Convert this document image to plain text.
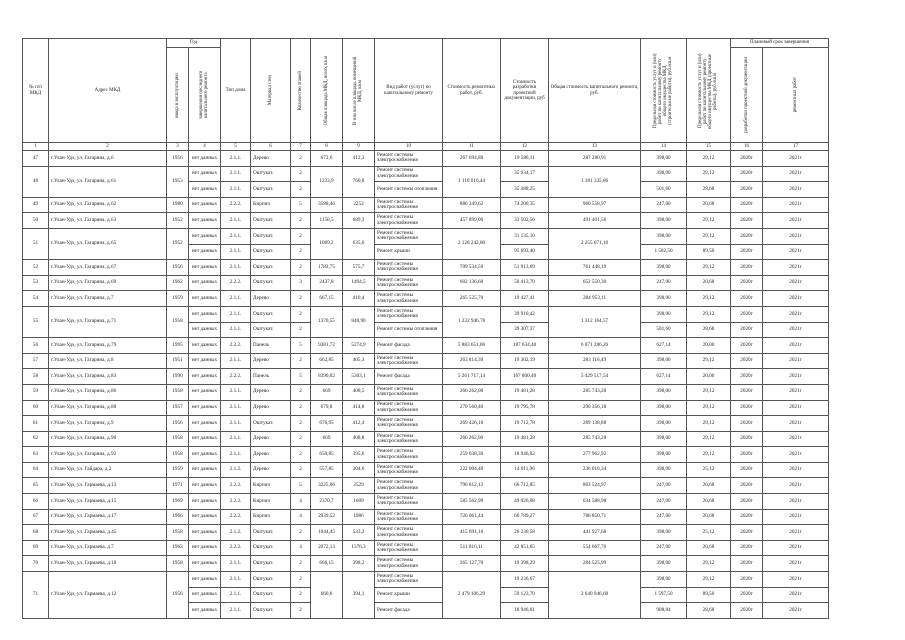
№ п/п МКД	Адрес МКД	Год		Тип дома	Материал стен	Количество этажей	Общая площадь МКД, всего, кв.м	В том числе площадь помещений МКД, кв.м	Вид работ (услуг) по капитальному ремонту	Стоимость ремонтных работ, руб.	Стоимость разработки проектной документации, руб	Общая стоимость капитального ремонта, руб.	Предельная стоимость услуг и (или) работ по капитальному ремонту общего имущества МКД (строительные работы), руб./кв.м	Предельная стоимость услуг и (или) работ по капитальному ремонту общего имущества МКД (проектные работы), руб./кв.м	Плановый срок завершения	

		ввода в эксплуатацию	завершения последнего капитального ремонта												разработки проектной документации	ремонтных работ

1	2	3	4	5	6	7	8	9	10	11	12	13	14	15	16	17
47	г.Улан-Удэ, ул. Гагарина, д.6	1956	нет данных	2.1.1.	Дерево	2	672,6	412,3	Ремонт системы электроснабжения	267 694,80	19 586,11	287 280,91	398,00	29,12	2020г	2021г
48	г.Улан-Удэ, ул. Гагарина, д.61	1953	нет данных	2.1.1.	Оштукат.	2	1233,9	760,8	Ремонт системы электроснабжения	1 110 016,44	35 934,17	1 181 335,86	398,00	29,12	2020г	2021г
			нет данных	2.1.1.	Оштукат.	2			Ремонт системы отопления		35 388,25		501,60	28,68	2020г	2021г
49	г.Улан-Удэ, ул. Гагарина, д.62	1980	нет данных	2.2.2.	Кирпич	5	3588,46	2252	Ремонт системы электроснабжения	886 349,62	74 200,35	960 558,97	247,00	20,68	2020г	2021г
50	г.Улан-Удэ, ул. Гагарина, д.63	1952	нет данных	2.1.1.	Оштукат.	2	1150,5	689,3	Ремонт системы электроснабжения	457 899,00	33 502,56	491 401,56	398,00	29,12	2020г	2021г
51	г.Улан-Удэ, ул. Гагарина, д.65	1952	нет данных	2.1.1.	Оштукат.	2	1069,2	635,6	Ремонт системы электроснабжения	2 128 242,80	31 135,10	2 255 071,10	398,00	29,12	2020г	2021г
			нет данных	2.1.1.	Оштукат.	2			Ремонт крыши		95 693,40		1 502,50	89,50	2020г	2021г
52	г.Улан-Удэ, ул. Гагарина, д.67	1956	нет данных	2.1.1.	Оштукат.	2	1782,75	575,7	Ремонт системы электроснабжения	709 534,50	51 913,69	761 448,19	398,00	29,12	2020г	2021г
53	г.Улан-Удэ, ул. Гагарина, д.69	1962	нет данных	2.2.2.	Оштукат.	3	2437,8	1494,5	Ремонт системы электроснабжения	602 136,60	50 413,70	652 550,30	247,00	20,68	2020г	2021г
54	г.Улан-Удэ, ул. Гагарина, д.7	1959	нет данных	2.1.1.	Дерево	2	667,15	410,4	Ремонт системы электроснабжения	265 525,70	19 427,41	284 953,11	398,00	29,12	2020г	2021г
55	г.Улан-Удэ, ул. Гагарина, д.71	1958	нет данных	2.1.1.	Оштукат.	2	1370,55	840,90	Ремонт системы электроснабжения	1 232 946,78	39 910,42	1 312 164,57	398,00	29,12	2020г	2021г
			нет данных	2.1.1.	Оштукат.	2			Ремонт системы отопления		39 307,37		501,60	28,68	2020г	2021г
56	г.Улан-Удэ, ул. Гагарина, д.79	1995	нет данных	2.2.2.	Панель	5	9381,72	5274,9	Ремонт фасада	5 883 651,86	187 634,40	6 071 286,26	627,14	20,00	2020г	2021г
57	г.Улан-Удэ, ул. Гагарина, д.8	1951	нет данных	2.1.1.	Дерево	2	662,85	405,3	Ремонт системы электроснабжения	263 814,30	19 302,19	283 116,49	398,00	29,12	2020г	2021г
58	г.Улан-Удэ, ул. Гагарина, д.83	1990	нет данных	2.2.2.	Панель	5	8390,02	5303,1	Ремонт фасада	5 261 717,14	167 800,40	5 429 517,54	627,14	20,00	2020г	2021г
59	г.Улан-Удэ, ул. Гагарина, д.86	1958	нет данных	2.1.1.	Дерево	2	669	408,5	Ремонт системы электроснабжения	266 262,00	19 481,28	285 743,28	398,00	29,12	2020г	2021г
60	г.Улан-Удэ, ул. Гагарина, д.88	1957	нет данных	2.1.1.	Дерево	2	679,8	414,8	Ремонт системы электроснабжения	270 560,40	19 795,78	290 356,18	398,00	29,12	2020г	2021г
61	г.Улан-Удэ, ул. Гагарина, д.9	1956	нет данных	2.1.1.	Оштукат.	2	676,95	412,4	Ремонт системы электроснабжения	269 426,10	19 712,78	289 138,88	398,00	29,12	2020г	2021г
62	г.Улан-Удэ, ул. Гагарина, д.90	1958	нет данных	2.1.1.	Дерево	2	669	408,8	Ремонт системы электроснабжения	266 262,00	19 481,28	285 743,28	398,00	29,12	2020г	2021г
63	г.Улан-Удэ, ул. Гагарина, д.92	1958	нет данных	2.1.1.	Дерево	2	650,85	395,6	Ремонт системы электроснабжения	259 038,30	18 946,02	277 962,92	398,00	29,12	2020г	2021г
64	г.Улан-Удэ, ул. Гайдара, д.2	1959	нет данных	2.1.2.	Дерево	2	557,85	304,6	Ремонт системы электроснабжения	222 004,40	14 011,96	236 016,34	398,00	25,12	2020г	2021г
65	г.Улан-Удэ, ул. Гармаева, д.13	1971	нет данных	2.2.2.	Кирпич	5	3225,06	2529	Ремонт системы электроснабжения	796 812,12	66 712,85	863 524,97	247,00	20,68	2020г	2021г
66	г.Улан-Удэ, ул. Гармаева, д.15	1969	нет данных	2.2.2.	Кирпич	4	2370,7	1609	Ремонт системы электроснабжения	585 562,90	49 026,08	634 588,98	247,00	20,68	2020г	2021г
67	г.Улан-Удэ, ул. Гармаева, д.17	1966	нет данных	2.2.2.	Кирпич	4	2939,52	1986	Ремонт системы электроснабжения	726 061,44	60 789,27	786 850,71	247,00	20,68	2020г	2021г
68	г.Улан-Удэ, ул. Гармаева, д.45	1958	нет данных	2.1.2.	Оштукат.	2	1044,45	533,2	Ремонт системы электроснабжения	415 691,10	26 236,58	441 927,68	398,00	25,12	2020г	2021г
69	г.Улан-Удэ, ул. Гармаева, д.7	1963	нет данных	2.2.2.	Оштукат.	4	2072,13	1376,3	Ремонт системы электроснабжения	511 816,11	42 851,65	554 667,76	247,00	20,68	2020г	2021г
70	г.Улан-Удэ, ул. Гармаева, д.10	1958	нет данных	2.1.1.	Оштукат.	2	666,15	398,2	Ремонт системы электроснабжения	265 127,70	19 398,29	284 525,99	398,00	29,12	2020г	2021г
71	г.Улан-Удэ, ул. Гармаева, д.12	1956	нет данных	2.1.1.	Оштукат.	2	660,6	394,1	Ремонт системы электроснабжения	2 479 106,29	19 236,67	2 640 946,68	398,00	29,12	2020г	2021г
			нет данных	2.1.1.	Оштукат.	2			Ремонт крыши		59 123,70		1 597,50	89,50	2020г	2021г
			нет данных	2.1.1.	Оштукат.	2			Ремонт фасада		18 946,01		908,84	28,68	2020г	2021г
